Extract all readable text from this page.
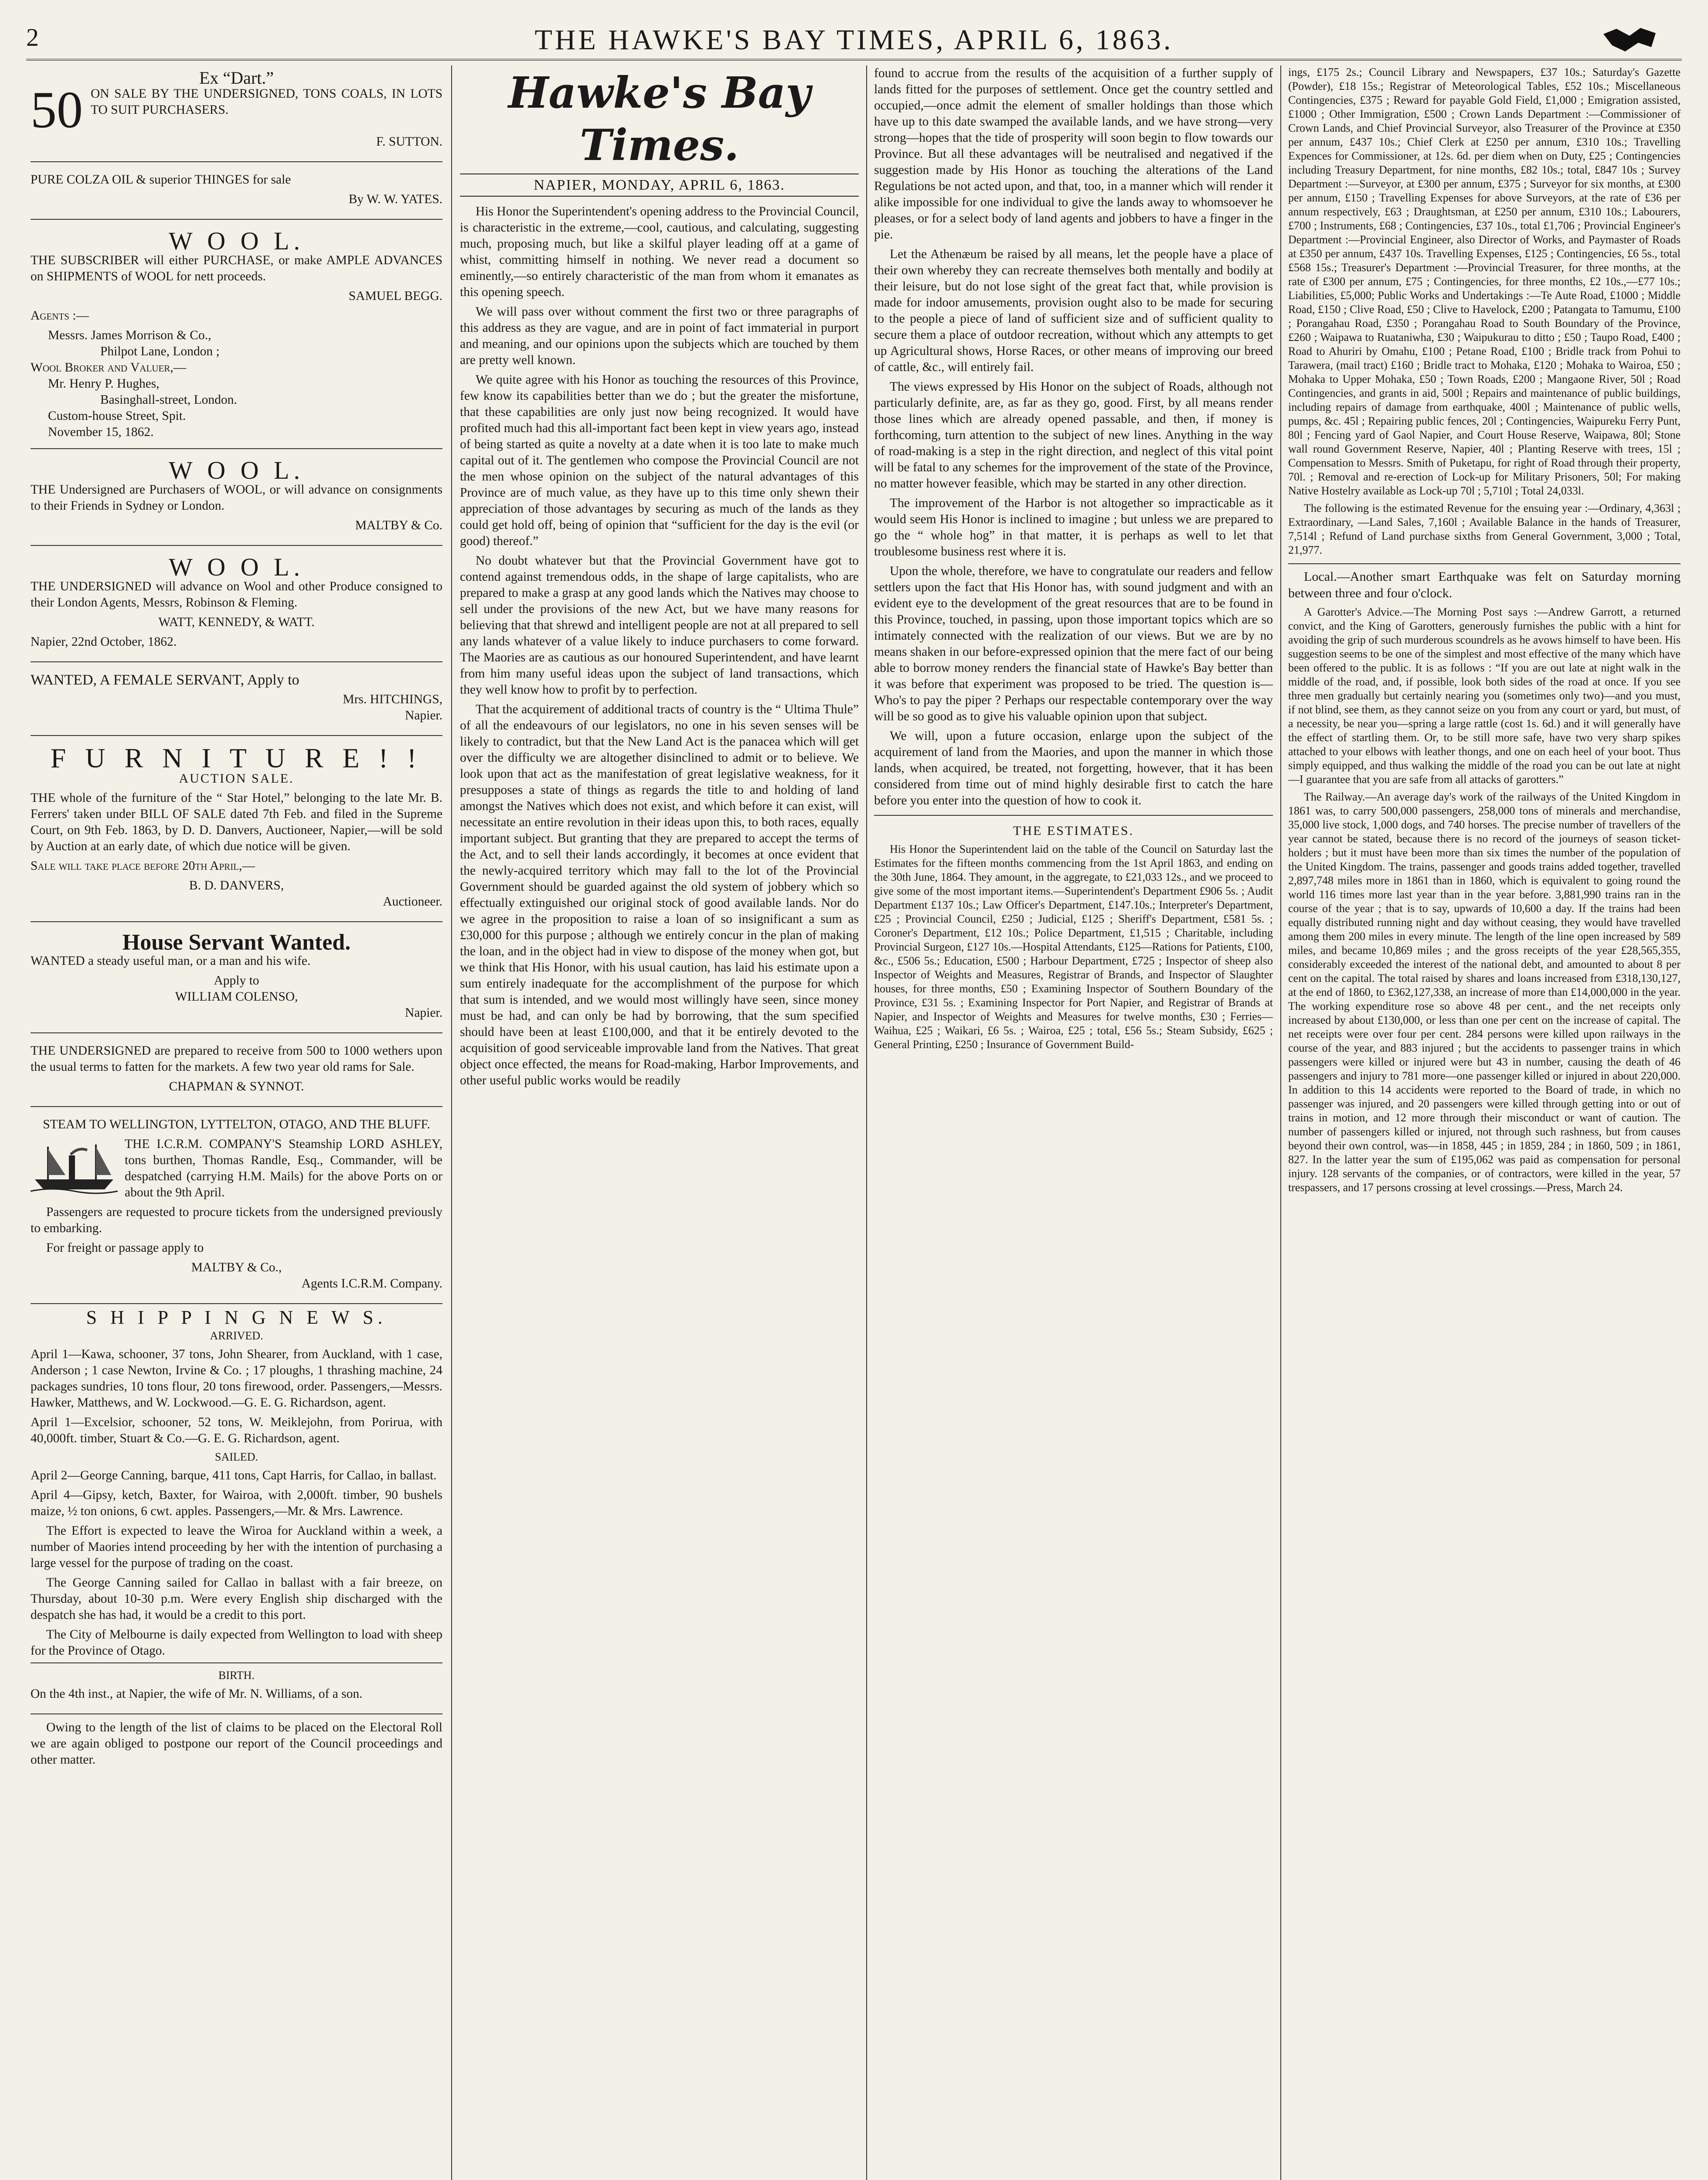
2	THE HAWKE'S BAY TIMES, APRIL 6, 1863.
Ex “Dart.”
50 ON SALE BY THE UNDERSIGNED, TONS COALS, IN LOTS TO SUIT PURCHASERS.

F. SUTTON.

PURE COLZA OIL & superior THINGES for sale

By W. W. YATES.

W O O L.

THE SUBSCRIBER will either PURCHASE, or make AMPLE ADVANCES on SHIPMENTS of WOOL for nett proceeds.

SAMUEL BEGG.

Agents :—

Messrs. James Morrison & Co.,

Philpot Lane, London ;

Wool Broker and Valuer,—

Mr. Henry P. Hughes,

Basinghall-street, London.

Custom-house Street, Spit.

November 15, 1862.

W O O L.

THE Undersigned are Purchasers of WOOL, or will advance on consignments to their Friends in Sydney or London.

MALTBY & Co.

W O O L.

THE UNDERSIGNED will advance on Wool and other Produce consigned to their London Agents, Messrs, Robinson & Fleming.

WATT, KENNEDY, & WATT.

Napier, 22nd October, 1862.

WANTED, A FEMALE SERVANT, Apply to

Mrs. HITCHINGS,

Napier.

F U R N I T U R E ! !
AUCTION SALE.

THE whole of the furniture of the “ Star Hotel,” belonging to the late Mr. B. Ferrers' taken under BILL OF SALE dated 7th Feb. and filed in the Supreme Court, on 9th Feb. 1863, by D. D. Danvers, Auctioneer, Napier,—will be sold by Auction at an early date, of which due notice will be given.

Sale will take place before 20th April,—

B. D. DANVERS,

Auctioneer.

House Servant Wanted.

WANTED a steady useful man, or a man and his wife.

Apply to

WILLIAM COLENSO,

Napier.

THE UNDERSIGNED are prepared to receive from 500 to 1000 wethers upon the usual terms to fatten for the markets. A few two year old rams for Sale.

CHAPMAN & SYNNOT.

STEAM TO WELLINGTON, LYTTELTON, OTAGO, AND THE BLUFF.

THE I.C.R.M. COMPANY'S Steamship LORD ASHLEY, tons burthen, Thomas Randle, Esq., Commander, will be despatched (carrying H.M. Mails) for the above Ports on or about the 9th April.

Passengers are requested to procure tickets from the undersigned previously to embarking.

For freight or passage apply to

MALTBY & Co.,

Agents I.C.R.M. Company.

S H I P P I N G N E W S.

ARRIVED.

April 1—Kawa, schooner, 37 tons, John Shearer, from Auckland, with 1 case, Anderson ; 1 case Newton, Irvine & Co. ; 17 ploughs, 1 thrashing machine, 24 packages sundries, 10 tons flour, 20 tons firewood, order. Passengers,—Messrs. Hawker, Matthews, and W. Lockwood.—G. E. G. Richardson, agent.

April 1—Excelsior, schooner, 52 tons, W. Meiklejohn, from Porirua, with 40,000ft. timber, Stuart & Co.—G. E. G. Richardson, agent.

SAILED.

April 2—George Canning, barque, 411 tons, Capt Harris, for Callao, in ballast.

April 4—Gipsy, ketch, Baxter, for Wairoa, with 2,000ft. timber, 90 bushels maize, ½ ton onions, 6 cwt. apples. Passengers,—Mr. & Mrs. Lawrence.

The Effort is expected to leave the Wiroa for Auckland within a week, a number of Maories intend proceeding by her with the intention of purchasing a large vessel for the purpose of trading on the coast.

The George Canning sailed for Callao in ballast with a fair breeze, on Thursday, about 10-30 p.m. Were every English ship discharged with the despatch she has had, it would be a credit to this port.

The City of Melbourne is daily expected from Wellington to load with sheep for the Province of Otago.

BIRTH.

On the 4th inst., at Napier, the wife of Mr. N. Williams, of a son.

Owing to the length of the list of claims to be placed on the Electoral Roll we are again obliged to postpone our report of the Council proceedings and other matter.

Hawke's Bay Times.
NAPIER, MONDAY, APRIL 6, 1863.

His Honor the Superintendent's opening address to the Provincial Council, is characteristic in the extreme,—cool, cautious, and calculating, suggesting much, proposing much, but like a skilful player leading off at a game of whist, committing himself in nothing. We never read a document so eminently,—so entirely characteristic of the man from whom it emanates as this opening speech.

We will pass over without comment the first two or three paragraphs of this address as they are vague, and are in point of fact immaterial in purport and meaning, and our opinions upon the subjects which are touched by them are pretty well known.

We quite agree with his Honor as touching the resources of this Province, few know its capabilities better than we do ; but the greater the misfortune, that these capabilities are only just now being recognized. It would have profited much had this all-important fact been kept in view years ago, instead of being started as quite a novelty at a date when it is too late to make much capital out of it. The gentlemen who compose the Provincial Council are not the men whose opinion on the subject of the natural advantages of this Province are of much value, as they have up to this time only shewn their appreciation of those advantages by securing as much of the lands as they could get hold off, being of opinion that “sufficient for the day is the evil (or good) thereof.”

No doubt whatever but that the Provincial Government have got to contend against tremendous odds, in the shape of large capitalists, who are prepared to make a grasp at any good lands which the Natives may choose to sell under the provisions of the new Act, but we have many reasons for believing that that shrewd and intelligent people are not at all prepared to sell any lands whatever of a value likely to induce purchasers to come forward. The Maories are as cautious as our honoured Superintendent, and have learnt from him many useful ideas upon the subject of land transactions, which they well know how to profit by to perfection.

That the acquirement of additional tracts of country is the “ Ultima Thule” of all the endeavours of our legislators, no one in his seven senses will be likely to contradict, but that the New Land Act is the panacea which will get over the difficulty we are altogether disinclined to admit or to believe. We look upon that act as the manifestation of great legislative weakness, for it presupposes a state of things as regards the title to and holding of land amongst the Natives which does not exist, and which before it can exist, will necessitate an entire revolution in their ideas upon this, to both races, equally important subject. But granting that they are prepared to accept the terms of the Act, and to sell their lands accordingly, it becomes at once evident that the newly-acquired territory which may fall to the lot of the Provincial Government should be guarded against the old system of jobbery which so effectually extinguished our original stock of good available lands. Nor do we agree in the proposition to raise a loan of so insignificant a sum as £30,000 for this purpose ; although we entirely concur in the plan of making the loan, and in the object had in view to dispose of the money when got, but we think that His Honor, with his usual caution, has laid his estimate upon a sum entirely inadequate for the accomplishment of the purpose for which that sum is intended, and we would most willingly have seen, since money must be had, and can only be had by borrowing, that the sum specified should have been at least £100,000, and that it be entirely devoted to the acquisition of good serviceable improvable land from the Natives. That great object once effected, the means for Road-making, Harbor Improvements, and other useful public works would be readily

found to accrue from the results of the acquisition of a further supply of lands fitted for the purposes of settlement. Once get the country settled and occupied,—once admit the element of smaller holdings than those which have up to this date swamped the available lands, and we have strong—very strong—hopes that the tide of prosperity will soon begin to flow towards our Province. But all these advantages will be neutralised and negatived if the suggestion made by His Honor as touching the alterations of the Land Regulations be not acted upon, and that, too, in a manner which will render it alike impossible for one individual to give the lands away to whomsoever he pleases, or for a select body of land agents and jobbers to have a finger in the pie.

Let the Athenæum be raised by all means, let the people have a place of their own whereby they can recreate themselves both mentally and bodily at their leisure, but do not lose sight of the great fact that, while provision is made for indoor amusements, provision ought also to be made for securing to the people a piece of land of sufficient size and of sufficient quality to secure them a place of outdoor recreation, without which any attempts to get up Agricultural shows, Horse Races, or other means of improving our breed of cattle, &c., will entirely fail.

The views expressed by His Honor on the subject of Roads, although not particularly definite, are, as far as they go, good. First, by all means render those lines which are already opened passable, and then, if money is forthcoming, turn attention to the subject of new lines. Anything in the way of road-making is a step in the right direction, and neglect of this vital point will be fatal to any schemes for the improvement of the state of the Province, no matter however feasible, which may be started in any other direction.

The improvement of the Harbor is not altogether so impracticable as it would seem His Honor is inclined to imagine ; but unless we are prepared to go the “ whole hog” in that matter, it is perhaps as well to let that troublesome business rest where it is.

Upon the whole, therefore, we have to congratulate our readers and fellow settlers upon the fact that His Honor has, with sound judgment and with an evident eye to the development of the great resources that are to be found in this Province, touched, in passing, upon those important topics which are so intimately connected with the realization of our views. But we are by no means shaken in our before-expressed opinion that the mere fact of our being able to borrow money renders the financial state of Hawke's Bay better than it was before that experiment was proposed to be tried. The question is—Who's to pay the piper ? Perhaps our respectable contemporary over the way will be so good as to give his valuable opinion upon that subject.

We will, upon a future occasion, enlarge upon the subject of the acquirement of land from the Maories, and upon the manner in which those lands, when acquired, be treated, not forgetting, however, that it has been considered from time out of mind highly desirable first to catch the hare before you enter into the question of how to cook it.

THE ESTIMATES.

His Honor the Superintendent laid on the table of the Council on Saturday last the Estimates for the fifteen months commencing from the 1st April 1863, and ending on the 30th June, 1864. They amount, in the aggregate, to £21,033 12s., and we proceed to give some of the most important items.—Superintendent's Department £906 5s. ; Audit Department £137 10s.; Law Officer's Department, £147.10s.; Interpreter's Department, £25 ; Provincial Council, £250 ; Judicial, £125 ; Sheriff's Department, £581 5s. ; Coroner's Department, £12 10s.; Police Department, £1,515 ; Charitable, including Provincial Surgeon, £127 10s.—Hospital Attendants, £125—Rations for Patients, £100, &c., £506 5s.; Education, £500 ; Harbour Department, £725 ; Inspector of sheep also Inspector of Weights and Measures, Registrar of Brands, and Inspector of Slaughter houses, for three months, £50 ; Examining Inspector of Southern Boundary of the Province, £31 5s. ; Examining Inspector for Port Napier, and Registrar of Brands at Napier, and Inspector of Weights and Measures for twelve months, £30 ; Ferries—Waihua, £25 ; Waikari, £6 5s. ; Wairoa, £25 ; total, £56 5s.; Steam Subsidy, £625 ; General Printing, £250 ; Insurance of Government Build-

ings, £175 2s.; Council Library and Newspapers, £37 10s.; Saturday's Gazette (Powder), £18 15s.; Registrar of Meteorological Tables, £52 10s.; Miscellaneous Contingencies, £375 ; Reward for payable Gold Field, £1,000 ; Emigration assisted, £1000 ; Other Immigration, £500 ; Crown Lands Department :—Commissioner of Crown Lands, and Chief Provincial Surveyor, also Treasurer of the Province at £350 per annum, £437 10s.; Chief Clerk at £250 per annum, £310 10s.; Travelling Expences for Commissioner, at 12s. 6d. per diem when on Duty, £25 ; Contingencies including Treasury Department, for nine months, £82 10s.; total, £847 10s ; Survey Department :—Surveyor, at £300 per annum, £375 ; Surveyor for six months, at £300 per annum, £150 ; Travelling Expenses for above Surveyors, at the rate of £36 per annum respectively, £63 ; Draughtsman, at £250 per annum, £310 10s.; Labourers, £700 ; Instruments, £68 ; Contingencies, £37 10s., total £1,706 ; Provincial Engineer's Department :—Provincial Engineer, also Director of Works, and Paymaster of Roads at £350 per annum, £437 10s. Travelling Expenses, £125 ; Contingencies, £6 5s., total £568 15s.; Treasurer's Department :—Provincial Treasurer, for three months, at the rate of £300 per annum, £75 ; Contingencies, for three months, £2 10s.,—£77 10s.; Liabilities, £5,000; Public Works and Undertakings :—Te Aute Road, £1000 ; Middle Road, £150 ; Clive Road, £50 ; Clive to Havelock, £200 ; Patangata to Tamumu, £100 ; Porangahau Road, £350 ; Porangahau Road to South Boundary of the Province, £260 ; Waipawa to Ruataniwha, £30 ; Waipukurau to ditto ; £50 ; Taupo Road, £400 ; Road to Ahuriri by Omahu, £100 ; Petane Road, £100 ; Bridle track from Pohui to Tarawera, (mail tract) £160 ; Bridle tract to Mohaka, £120 ; Mohaka to Wairoa, £50 ; Mohaka to Upper Mohaka, £50 ; Town Roads, £200 ; Mangaone River, 50l ; Road Contingencies, and grants in aid, 500l ; Repairs and maintenance of public buildings, including repairs of damage from earthquake, 400l ; Maintenance of public wells, pumps, &c. 45l ; Repairing public fences, 20l ; Contingencies, Waipureku Ferry Punt, 80l ; Fencing yard of Gaol Napier, and Court House Reserve, Waipawa, 80l; Stone wall round Government Reserve, Napier, 40l ; Planting Reserve with trees, 15l ; Compensation to Messrs. Smith of Puketapu, for right of Road through their property, 70l. ; Removal and re-erection of Lock-up for Military Prisoners, 50l; For making Native Hostelry available as Lock-up 70l ; 5,710l ; Total 24,033l.

The following is the estimated Revenue for the ensuing year :—Ordinary, 4,363l ; Extraordinary, —Land Sales, 7,160l ; Available Balance in the hands of Treasurer, 7,514l ; Refund of Land purchase sixths from General Government, 3,000 ; Total, 21,977.

Local.—Another smart Earthquake was felt on Saturday morning between three and four o'clock.

A Garotter's Advice.—The Morning Post says :—Andrew Garrott, a returned convict, and the King of Garotters, generously furnishes the public with a hint for avoiding the grip of such murderous scoundrels as he avows himself to have been. His suggestion seems to be one of the simplest and most effective of the many which have been offered to the public. It is as follows : “If you are out late at night walk in the middle of the road, and, if possible, look both sides of the road at once. If you see three men gradually but certainly nearing you (sometimes only two)—and you must, if not blind, see them, as they cannot seize on you from any court or yard, but must, of a necessity, be near you—spring a large rattle (cost 1s. 6d.) and it will generally have the effect of startling them. Or, to be still more safe, have two very sharp spikes attached to your elbows with leather thongs, and one on each heel of your boot. Thus simply equipped, and thus walking the middle of the road you can be out late at night—I guarantee that you are safe from all attacks of garotters.”

The Railway.—An average day's work of the railways of the United Kingdom in 1861 was, to carry 500,000 passengers, 258,000 tons of minerals and merchandise, 35,000 live stock, 1,000 dogs, and 740 horses. The precise number of travellers of the year cannot be stated, because there is no record of the journeys of season ticket-holders ; but it must have been more than six times the number of the population of the United Kingdom. The trains, passenger and goods trains added together, travelled 2,897,748 miles more in 1861 than in 1860, which is equivalent to going round the world 116 times more last year than in the year before. 3,881,990 trains ran in the course of the year ; that is to say, upwards of 10,600 a day. If the trains had been equally distributed running night and day without ceasing, they would have travelled among them 200 miles in every minute. The length of the line open increased by 589 miles, and became 10,869 miles ; and the gross receipts of the year £28,565,355, considerably exceeded the interest of the national debt, and amounted to about 8 per cent on the capital. The total raised by shares and loans increased from £318,130,127, at the end of 1860, to £362,127,338, an increase of more than £14,000,000 in the year. The working expenditure rose so above 48 per cent., and the net receipts only increased by about £130,000, or less than one per cent on the increase of capital. The net receipts were over four per cent. 284 persons were killed upon railways in the course of the year, and 883 injured ; but the accidents to passenger trains in which passengers were killed or injured were but 43 in number, causing the death of 46 passengers and injury to 781 more—one passenger killed or injured in about 220,000. In addition to this 14 accidents were reported to the Board of trade, in which no passenger was injured, and 20 passengers were killed through getting into or out of trains in motion, and 12 more through their misconduct or want of caution. The number of passengers killed or injured, not through such rashness, but from causes beyond their own control, was—in 1858, 445 ; in 1859, 284 ; in 1860, 509 ; in 1861, 827. In the latter year the sum of £195,062 was paid as compensation for personal injury. 128 servants of the companies, or of contractors, were killed in the year, 57 trespassers, and 17 persons crossing at level crossings.—Press, March 24.
